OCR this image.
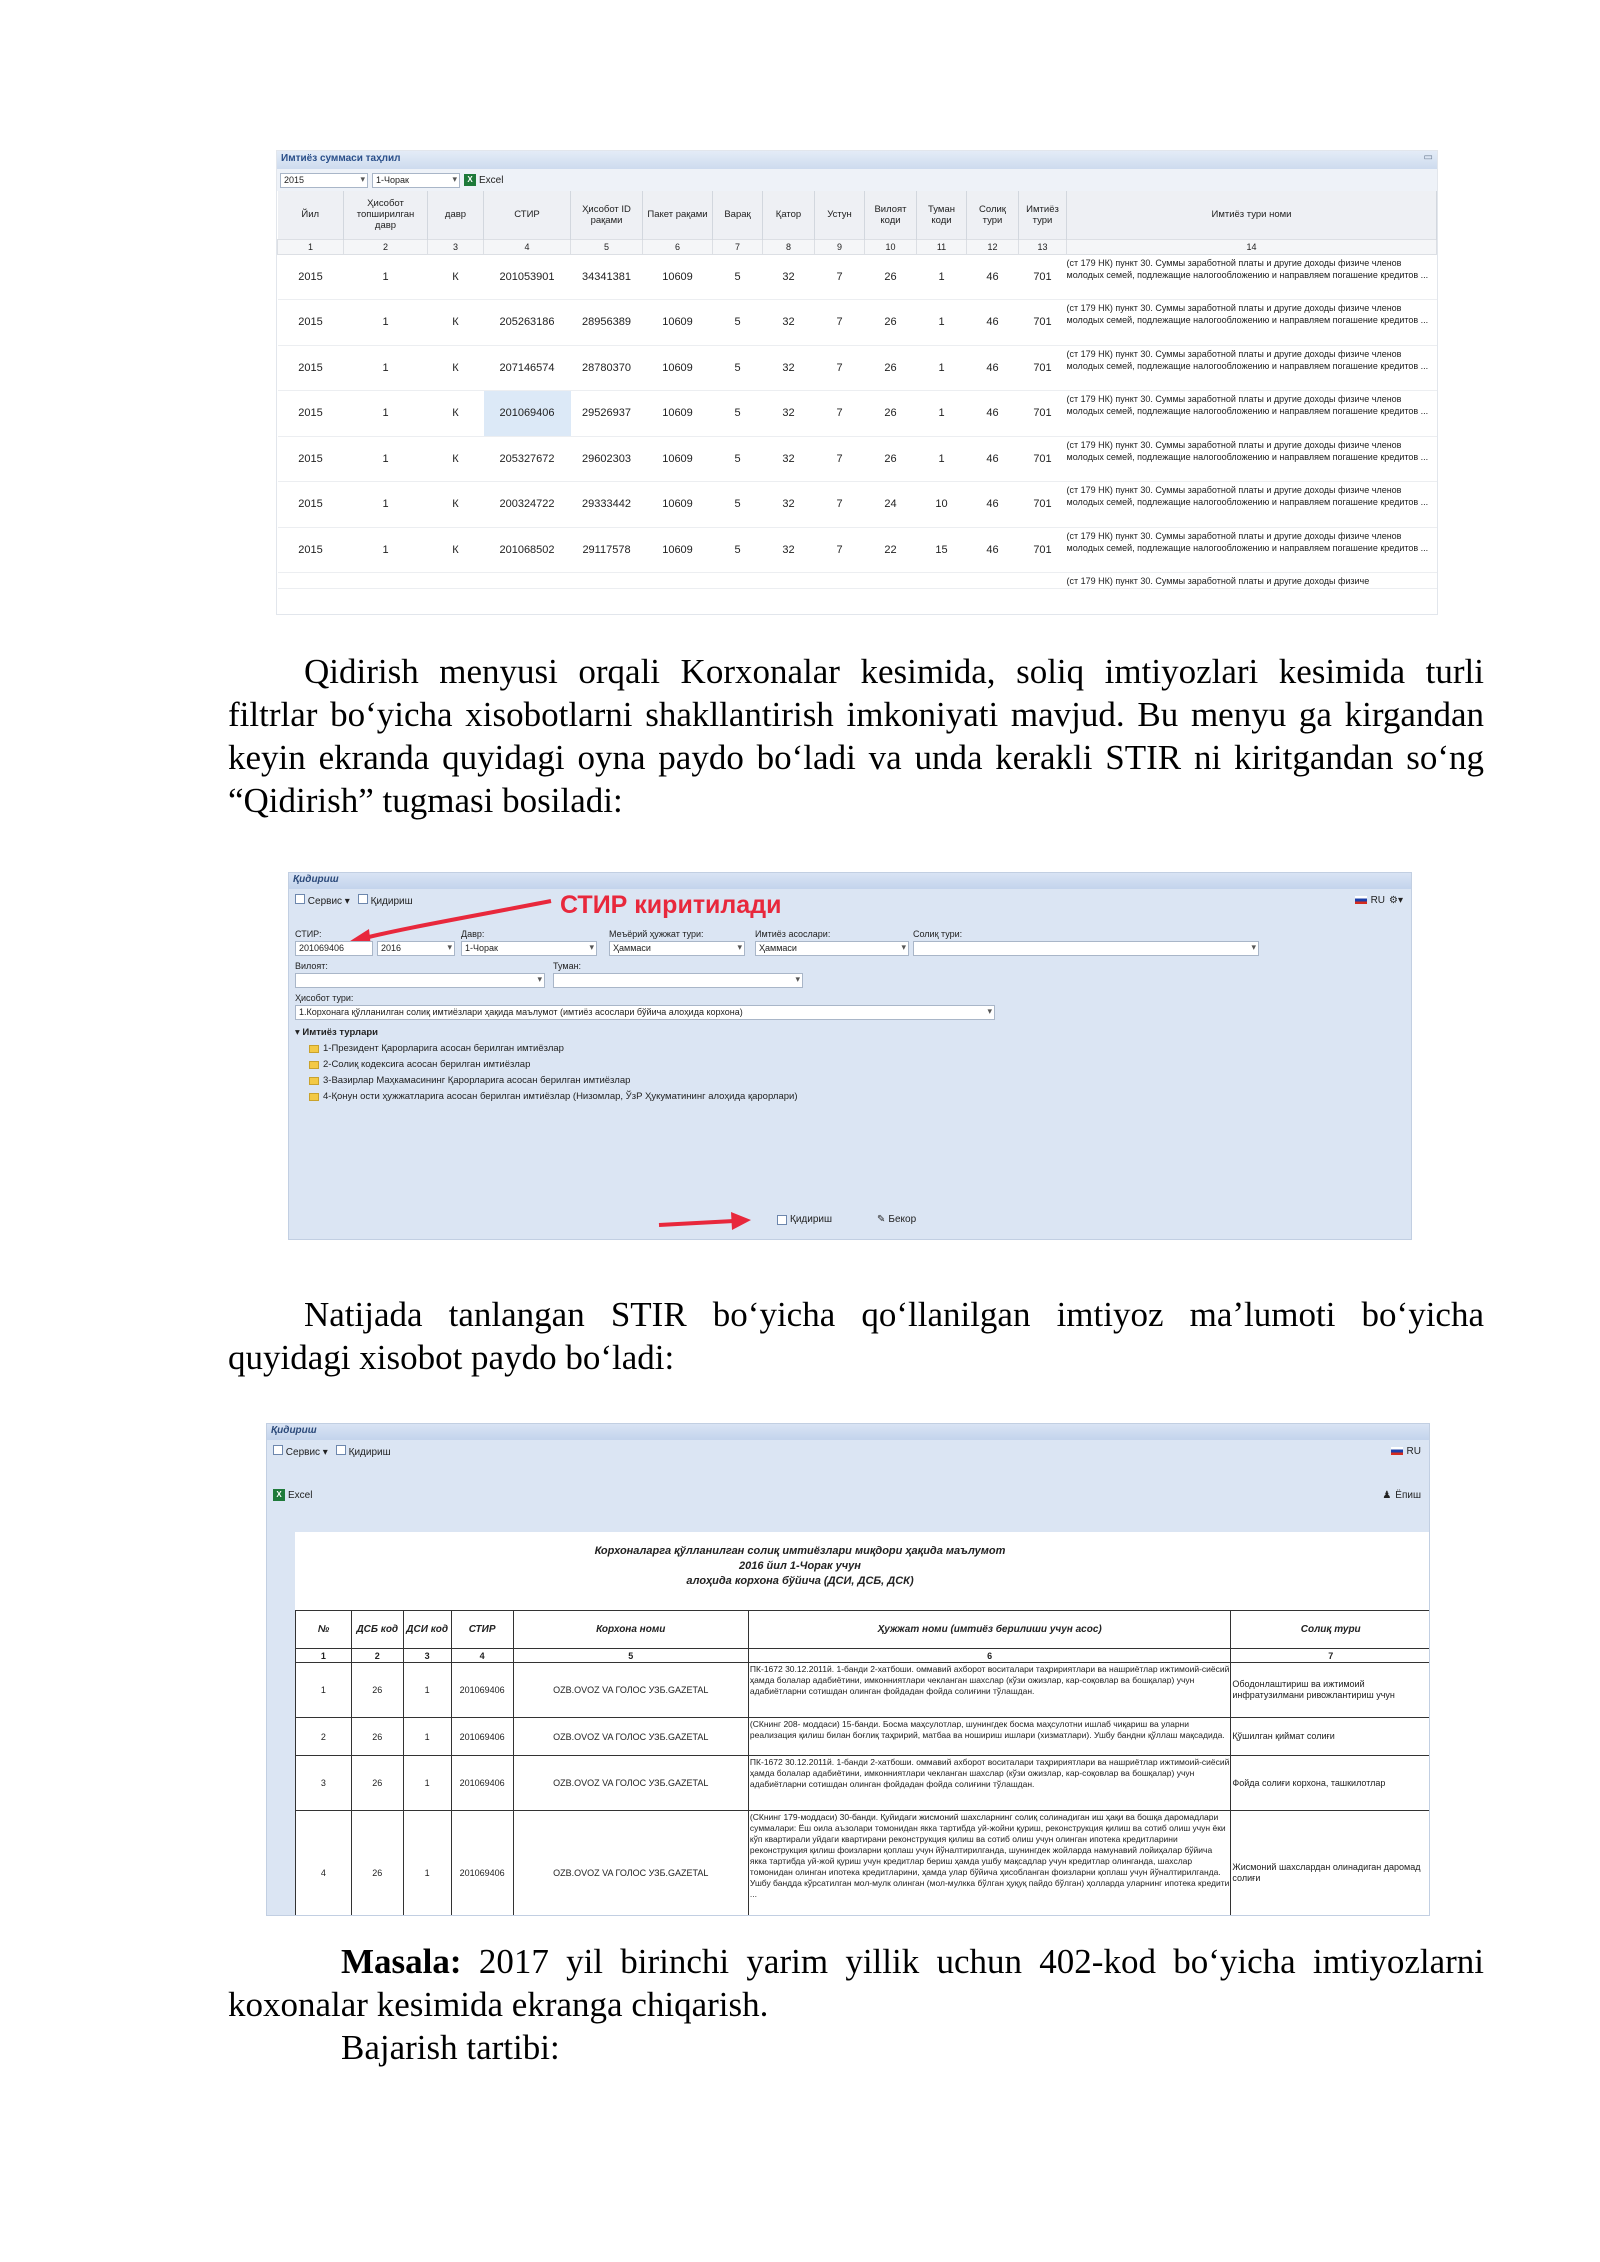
Имтиёз суммаси таҳлил	▭
2015	▾	1-Чорак	▾	X Excel
Йил	Ҳисобот топширилган давр	давр	СТИР	Ҳисобот ID рақами	Пакет рақами	Варақ	Қатор	Устун	Вилоят коди	Туман коди	Солиқ тури	Имтиёз тури	Имтиёз тури номи
1	2	3	4	5	6	7	8	9	10	11	12	13	14
2015	1	К	201053901	34341381	10609	5	32	7	26	1	46	701	(ст 179 НК) пункт 30. Суммы заработной платы и другие доходы физиче членов молодых семей, подлежащие налогообложению и направляем погашение кредитов ...
2015	1	К	205263186	28956389	10609	5	32	7	26	1	46	701	(ст 179 НК) пункт 30. Суммы заработной платы и другие доходы физиче членов молодых семей, подлежащие налогообложению и направляем погашение кредитов ...
2015	1	К	207146574	28780370	10609	5	32	7	26	1	46	701	(ст 179 НК) пункт 30. Суммы заработной платы и другие доходы физиче членов молодых семей, подлежащие налогообложению и направляем погашение кредитов ...
2015	1	К	201069406	29526937	10609	5	32	7	26	1	46	701	(ст 179 НК) пункт 30. Суммы заработной платы и другие доходы физиче членов молодых семей, подлежащие налогообложению и направляем погашение кредитов ...
2015	1	К	205327672	29602303	10609	5	32	7	26	1	46	701	(ст 179 НК) пункт 30. Суммы заработной платы и другие доходы физиче членов молодых семей, подлежащие налогообложению и направляем погашение кредитов ...
2015	1	К	200324722	29333442	10609	5	32	7	24	10	46	701	(ст 179 НК) пункт 30. Суммы заработной платы и другие доходы физиче членов молодых семей, подлежащие налогообложению и направляем погашение кредитов ...
2015	1	К	201068502	29117578	10609	5	32	7	22	15	46	701	(ст 179 НК) пункт 30. Суммы заработной платы и другие доходы физиче членов молодых семей, подлежащие налогообложению и направляем погашение кредитов ...
													(ст 179 НК) пункт 30. Суммы заработной платы и другие доходы физиче
Qidirish menyusi orqali Korxonalar kesimida, soliq imtiyozlari kesimida turli filtrlar boʻyicha xisobotlarni shakllantirish imkoniyati mavjud. Bu menyu ga kirgandan keyin ekranda quyidagi oyna paydo boʻladi va unda kerakli STIR ni kiritgandan soʻng “Qidirish” tugmasi bosiladi:
Қидириш
Сервис ▾	Қидириш	RU ⚙▾
СТИР киритилади
СТИР:
201069406
Давр:
2016	▾	1-Чорак	▾
Меъёрий ҳужжат тури:
Ҳаммаси	▾
Имтиёз асослари:
Ҳаммаси	▾
Солиқ тури:
▾
Вилоят:
▾
Туман:
▾
Ҳисобот тури:
1.Корхонага қўлланилган солиқ имтиёзлари ҳақида маълумот (имтиёз асослари бўйича алоҳида корхона)	▾
▾ Имтиёз турлари
1-Президент Қарорларига асосан берилган имтиёзлар
2-Солиқ кодексига асосан берилган имтиёзлар
3-Вазирлар Маҳкамасининг Қарорларига асосан берилган имтиёзлар
4-Қонун ости ҳужжатларига асосан берилган имтиёзлар (Низомлар, ЎзР Ҳукуматининг алоҳида қарорлари)
Қидириш	✎ Бекор
Natijada tanlangan STIR boʻyicha qoʻllanilgan imtiyoz maʼlumoti boʻyicha quyidagi xisobot paydo boʻladi:
Қидириш
Сервис ▾	Қидириш	RU
X Excel	♟ Ёпиш
Корхоналарга қўлланилган солиқ имтиёзлари миқдори ҳақида маълумот
2016 йил 1-Чорак учун
алоҳида корхона бўйича (ДСИ, ДСБ, ДСК)
№	ДСБ код	ДСИ код	СТИР	Корхона номи	Ҳужжат номи (имтиёз берилиши учун асос)	Солиқ тури
1	2	3	4	5	6	7
1	26	1	201069406	OZB.OVOZ VA ГОЛОС УЗБ.GAZETAL	ПК-1672 30.12.2011й. 1-банди 2-хатбоши. оммавий ахборот воситалари таҳририятлари ва нашриётлар ижтимоий-сиёсий ҳамда болалар адабиётини, имконниятлари чекланган шахслар (кўзи ожизлар, кар-соқовлар ва бошқалар) учун адабиётларни сотишдан олинган фойдадан фойда солиғини тўлашдан.	Ободонлаштириш ва ижтимоий инфратузилмани ривожлантириш учун
2	26	1	201069406	OZB.OVOZ VA ГОЛОС УЗБ.GAZETAL	(СКнинг 208- моддаси) 15-банди. Босма маҳсулотлар, шунингдек босма маҳсулотни ишлаб чиқариш ва уларни реализация қилиш билан боғлиқ таҳририй, матбаа ва ношириш ишлари (хизматлари). Ушбу бандни қўллаш мақсадида.	Қўшилган қиймат солиғи
3	26	1	201069406	OZB.OVOZ VA ГОЛОС УЗБ.GAZETAL	ПК-1672 30.12.2011й. 1-банди 2-хатбоши. оммавий ахборот воситалари таҳририятлари ва нашриётлар ижтимоий-сиёсий ҳамда болалар адабиётини, имконниятлари чекланган шахслар (кўзи ожизлар, кар-соқовлар ва бошқалар) учун адабиётларни сотишдан олинган фойдадан фойда солиғини тўлашдан.	Фойда солиғи корхона, ташкилотлар
4	26	1	201069406	OZB.OVOZ VA ГОЛОС УЗБ.GAZETAL	(СКнинг 179-моддаси) 30-банди. Қуйидаги жисмоний шахсларнинг солиқ солинадиган иш ҳақи ва бошқа даромадлари суммалари: Ёш оила аъзолари томонидан якка тартибда уй-жойни қуриш, реконструкция қилиш ва сотиб олиш учун ёки кўп квартирали уйдаги квартирани реконструкция қилиш ва сотиб олиш учун олинган ипотека кредитларини реконструкция қилиш фоизларни қоплаш учун йўналтирилганда, шунингдек жойларда намунавий лойиҳалар бўйича якка тартибда уй-жой қуриш учун кредитлар бериш ҳамда ушбу мақсадлар учун кредитлар олинганда, шахслар томонидан олинган ипотека кредитларини, ҳамда улар бўйича ҳисобланган фоизларни қоплаш учун йўналтирилганда. Ушбу бандда кўрсатилган мол-мулк олинган (мол-мулкка бўлган ҳуқуқ пайдо бўлган) ҳолларда уларнинг ипотека кредити ...	Жисмоний шахслардан олинадиган даромад солиғи
Masala: 2017 yil birinchi yarim yillik uchun 402-kod boʻyicha imtiyozlarni koxonalar kesimida ekranga chiqarish.
Bajarish tartibi:
